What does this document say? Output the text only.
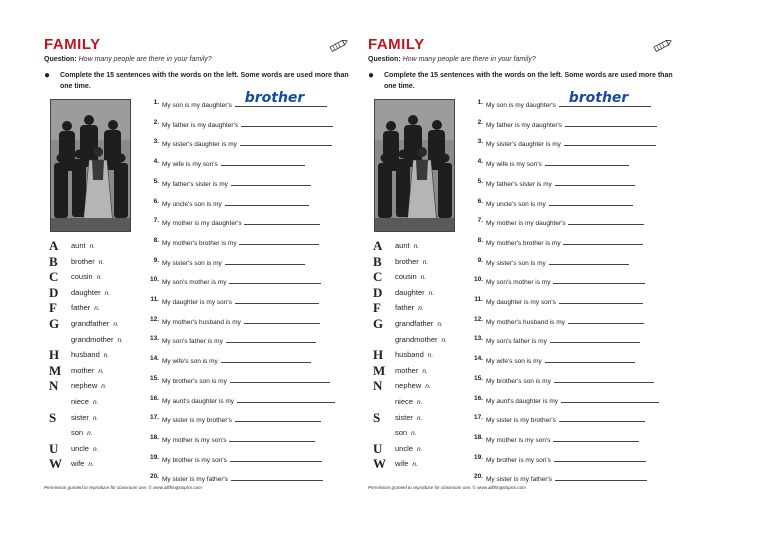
FAMILY
Question: How many people are there in your family?
● Complete the 15 sentences with the words on the left. Some words are used more than one time.
A	aunt n.
B	brother n.
C	cousin n.
D	daughter n.
F	father n.
G	grandfather n.
grandmother n.
H	husband n.
M mother n.
N	nephew n.
niece n.
S	sister n.
son n.
U	uncle n.
W wife n.
1. My son is my daughter's brother
2. My father is my daughter's
3. My sister's daughter is my
4. My wife is my son's
5. My father's sister is my
6. My uncle's son is my
7. My mother is my daughter's
8. My mother's brother is my
9. My sister's son is my
10. My son's mother is my
11. My daughter is my son's
12. My mother's husband is my
13. My son's father is my
14. My wife's son is my
15. My brother's son is my
16. My aunt's daughter is my
17. My sister is my brother's
18. My mother is my son's
19. My brother is my son's
20. My sister is my father's
Permission granted to reproduce for classroom use. © www.allthingstopics.com
FAMILY
Question: How many people are there in your family?
● Complete the 15 sentences with the words on the left. Some words are used more than one time.
A	aunt n.
B	brother n.
C	cousin n.
D	daughter n.
F	father n.
G	grandfather n.
grandmother n.
H	husband n.
M mother n.
N	nephew n.
niece n.
S	sister n.
son n.
U	uncle n.
W wife n.
1. My son is my daughter's brother
2. My father is my daughter's
3. My sister's daughter is my
4. My wife is my son's
5. My father's sister is my
6. My uncle's son is my
7. My mother is my daughter's
8. My mother's brother is my
9. My sister's son is my
10. My son's mother is my
11. My daughter is my son's
12. My mother's husband is my
13. My son's father is my
14. My wife's son is my
15. My brother's son is my
16. My aunt's daughter is my
17. My sister is my brother's
18. My mother is my son's
19. My brother is my son's
20. My sister is my father's
Permission granted to reproduce for classroom use. © www.allthingstopics.com
